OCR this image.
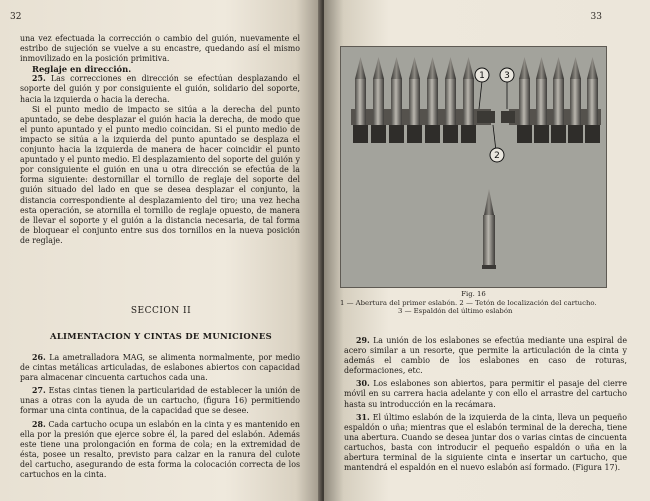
32

una vez efectuada la corrección o cambio del guión, nuevamente el estribo de sujeción se vuelve a su encastre, quedando así el mismo inmovilizado en la posición primitiva.

Reglaje en dirección.

25. Las correcciones en dirección se efectúan desplazando el soporte del guión y por consiguiente el guión, solidario del soporte, hacia la izquierda o hacia la derecha.

Si el punto medio de impacto se sitúa a la derecha del punto apuntado, se debe desplazar el guión hacia la derecha, de modo que el punto apuntado y el punto medio coincidan. Si el punto medio de impacto se sitúa a la izquierda del punto apuntado se desplaza el conjunto hacia la izquierda de manera de hacer coincidir el punto apuntado y el punto medio. El desplazamiento del soporte del guión y por consiguiente el guión en una u otra dirección se efectúa de la forma siguiente: destornillar el tornillo de reglaje del soporte del guión situado del lado en que se desea desplazar el conjunto, la distancia correspondiente al desplazamiento del tiro; una vez hecha esta operación, se atornilla el tornillo de reglaje opuesto, de manera de llevar el soporte y el guión a la distancia necesaria, de tal forma de bloquear el conjunto entre sus dos tornillos en la nueva posición de reglaje.

SECCION II
ALIMENTACION Y CINTAS DE MUNICIONES

26. La ametralladora MAG, se alimenta normalmente, por medio de cintas metálicas articuladas, de eslabones abiertos con capacidad para almacenar cincuenta cartuchos cada una.

27. Estas cintas tienen la particularidad de establecer la unión de unas a otras con la ayuda de un cartucho, (figura 16) permitiendo formar una cinta continua, de la capacidad que se desee.

28. Cada cartucho ocupa un eslabón en la cinta y es mantenido en ella por la presión que ejerce sobre él, la pared del eslabón. Además este tiene una prolongación en forma de cola; en la extremidad de ésta, posee un resalto, previsto para calzar en la ranura del culote del cartucho, asegurando de esta forma la colocación correcta de los cartuchos en la cinta.

33
1 3
2
Fig. 16
1 — Abertura del primer eslabón. 2 — Tetón de localización del cartucho.
3 — Espaldón del último eslabón

29. La unión de los eslabones se efectúa mediante una espiral de acero similar a un resorte, que permite la articulación de la cinta y además el cambio de los eslabones en caso de roturas, deformaciones, etc.

30. Los eslabones son abiertos, para permitir el pasaje del cierre móvil en su carrera hacia adelante y con ello el arrastre del cartucho hasta su introducción en la recámara.

31. El último eslabón de la izquierda de la cinta, lleva un pequeño espaldón o uña; mientras que el eslabón terminal de la derecha, tiene una abertura. Cuando se desea juntar dos o varias cintas de cincuenta cartuchos, basta con introducir el pequeño espaldón o uña en la abertura terminal de la siguiente cinta e insertar un cartucho, que mantendrá el espaldón en el nuevo eslabón así formado. (Figura 17).
